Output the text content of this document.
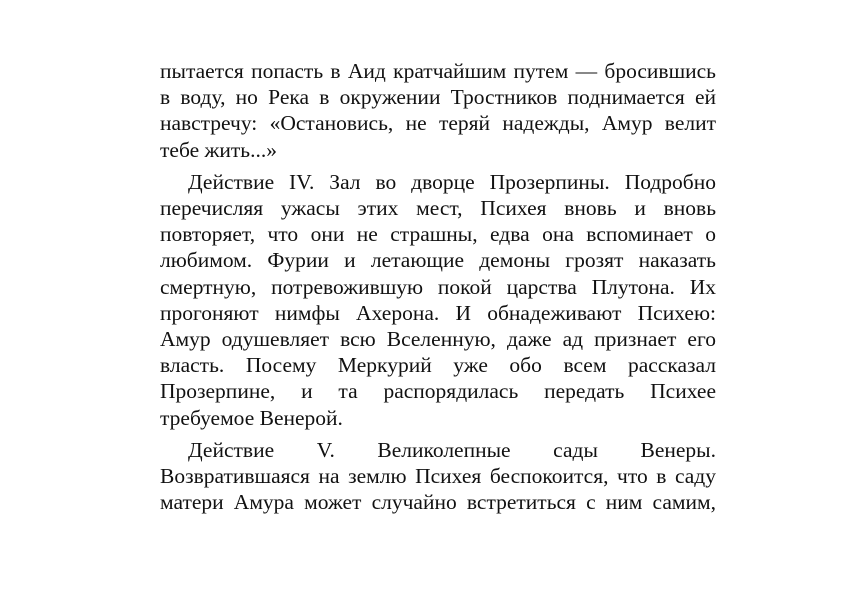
пытается попасть в Аид кратчайшим путем — бросившись
в воду, но Река в окружении Тростников поднимается ей
навстречу: «Остановись, не теряй надежды, Амур велит
тебе жить...»

Действие IV. Зал во дворце Прозерпины. Подробно
перечисляя ужасы этих мест, Психея вновь и вновь
повторяет, что они не страшны, едва она вспоминает о
любимом. Фурии и летающие демоны грозят наказать
смертную, потревожившую покой царства Плутона. Их
прогоняют нимфы Ахерона. И обнадеживают Психею:
Амур одушевляет всю Вселенную, даже ад признает его
власть. Посему Меркурий уже обо всем рассказал
Прозерпине, и та распорядилась передать Психее
требуемое Венерой.

Действие V. Великолепные сады Венеры.
Возвратившаяся на землю Психея беспокоится, что в саду
матери Амура может случайно встретиться с ним самим,
